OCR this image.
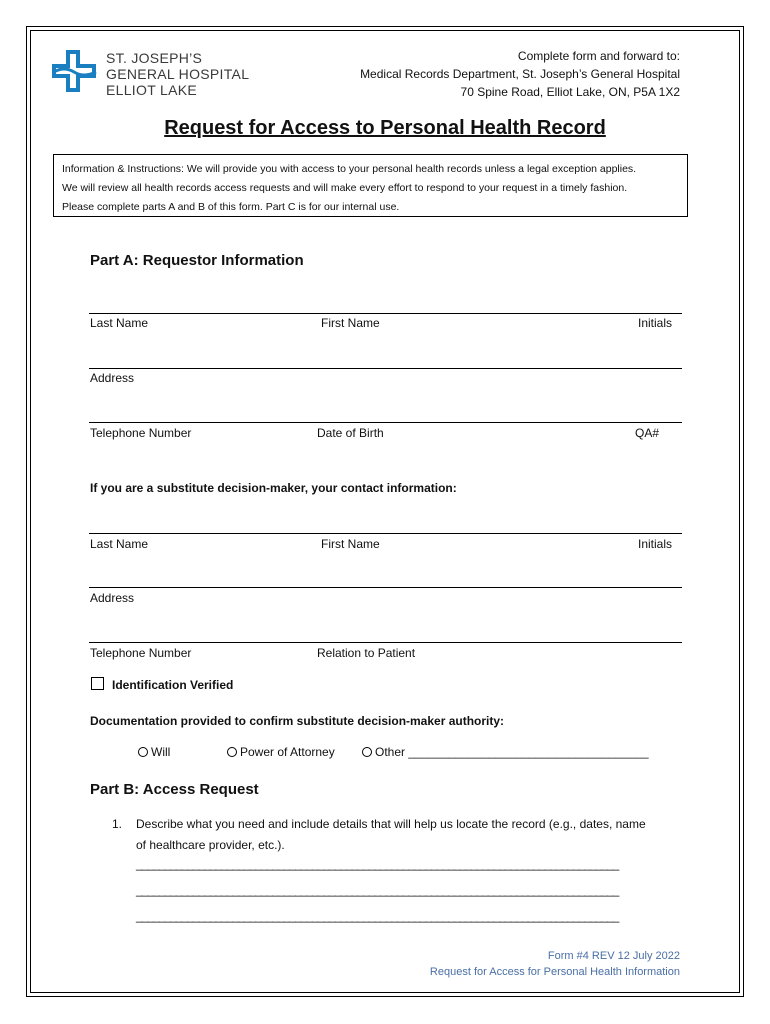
ST. JOSEPH’S
GENERAL HOSPITAL
ELLIOT LAKE
Complete form and forward to:
Medical Records Department, St. Joseph’s General Hospital
70 Spine Road, Elliot Lake, ON, P5A 1X2
Request for Access to Personal Health Record
Information & Instructions: We will provide you with access to your personal health records unless a legal exception applies.
We will review all health records access requests and will make every effort to respond to your request in a timely fashion.
Please complete parts A and B of this form. Part C is for our internal use.
Part A: Requestor Information
Last Name	First Name	Initials
Address
Telephone Number	Date of Birth	QA#
If you are a substitute decision-maker, your contact information:
Last Name	First Name	Initials
Address
Telephone Number	Relation to Patient
Identification Verified
Documentation provided to confirm substitute decision-maker authority:
Will	Power of Attorney	Other ____________________________________
Part B: Access Request
1. Describe what you need and include details that will help us locate the record (e.g., dates, name
of healthcare provider, etc.).
_____________________________________________________________________________________
_____________________________________________________________________________________
_____________________________________________________________________________________
Form #4 REV 12 July 2022
Request for Access for Personal Health Information
